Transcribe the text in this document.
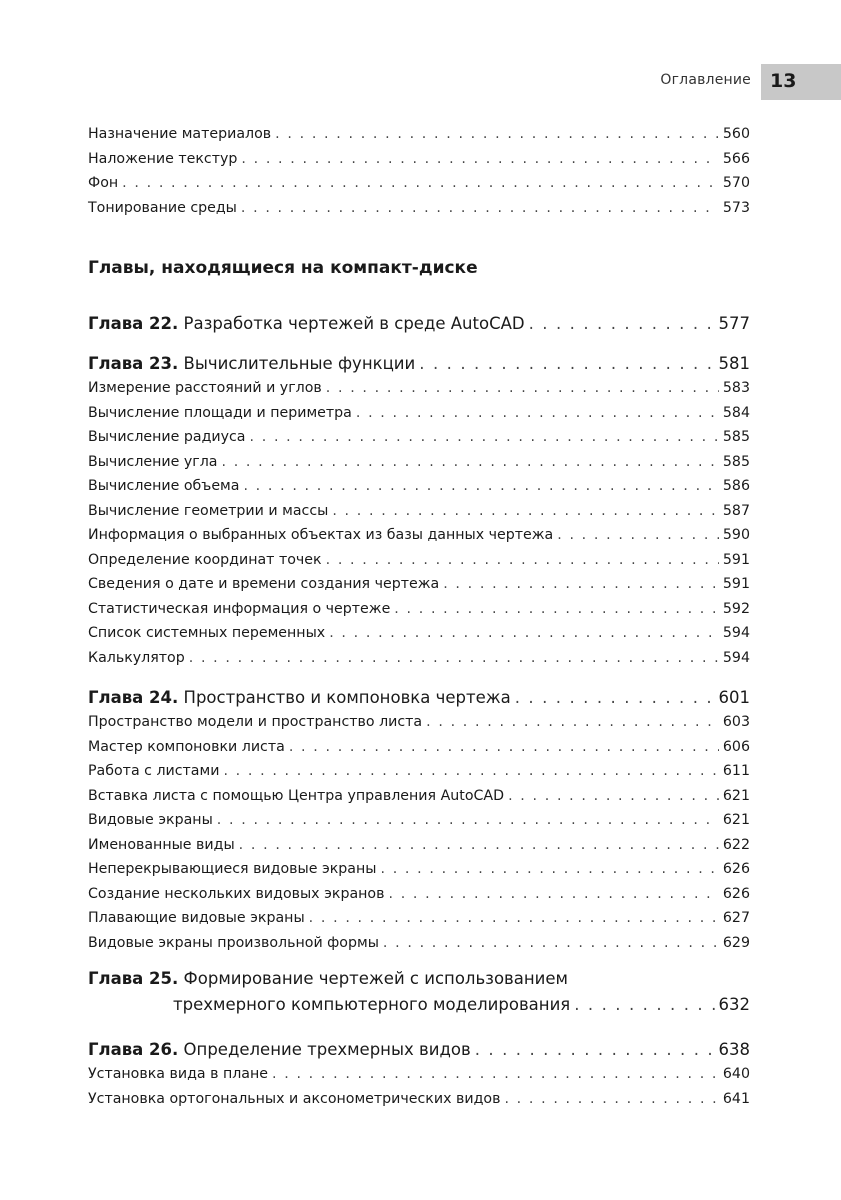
Оглавление 13
Назначение материалов . . .	560
Наложение текстур . . .	566
Фон . . .	570
Тонирование среды . . .	573
Главы, находящиеся на компакт-диске
Глава 22. Разработка чертежей в среде AutoCAD . . .	577
Глава 23. Вычислительные функции . . .	581
Измерение расстояний и углов . . .	583
Вычисление площади и периметра . . .	584
Вычисление радиуса . . .	585
Вычисление угла . . .	585
Вычисление объема . . .	586
Вычисление геометрии и массы . . .	587
Информация о выбранных объектах из базы данных чертежа . . .	590
Определение координат точек . . .	591
Сведения о дате и времени создания чертежа . . .	591
Статистическая информация о чертеже . . .	592
Список системных переменных . . .	594
Калькулятор . . .	594
Глава 24. Пространство и компоновка чертежа . . .	601
Пространство модели и пространство листа . . .	603
Мастер компоновки листа . . .	606
Работа с листами . . .	611
Вставка листа с помощью Центра управления AutoCAD . . .	621
Видовые экраны . . .	621
Именованные виды . . .	622
Неперекрывающиеся видовые экраны . . .	626
Создание нескольких видовых экранов . . .	626
Плавающие видовые экраны . . .	627
Видовые экраны произвольной формы . . .	629
Глава 25. Формирование чертежей с использованием
трехмерного компьютерного моделирования . . .	632
Глава 26. Определение трехмерных видов . . .	638
Установка вида в плане . . .	640
Установка ортогональных и аксонометрических видов . . .	641
